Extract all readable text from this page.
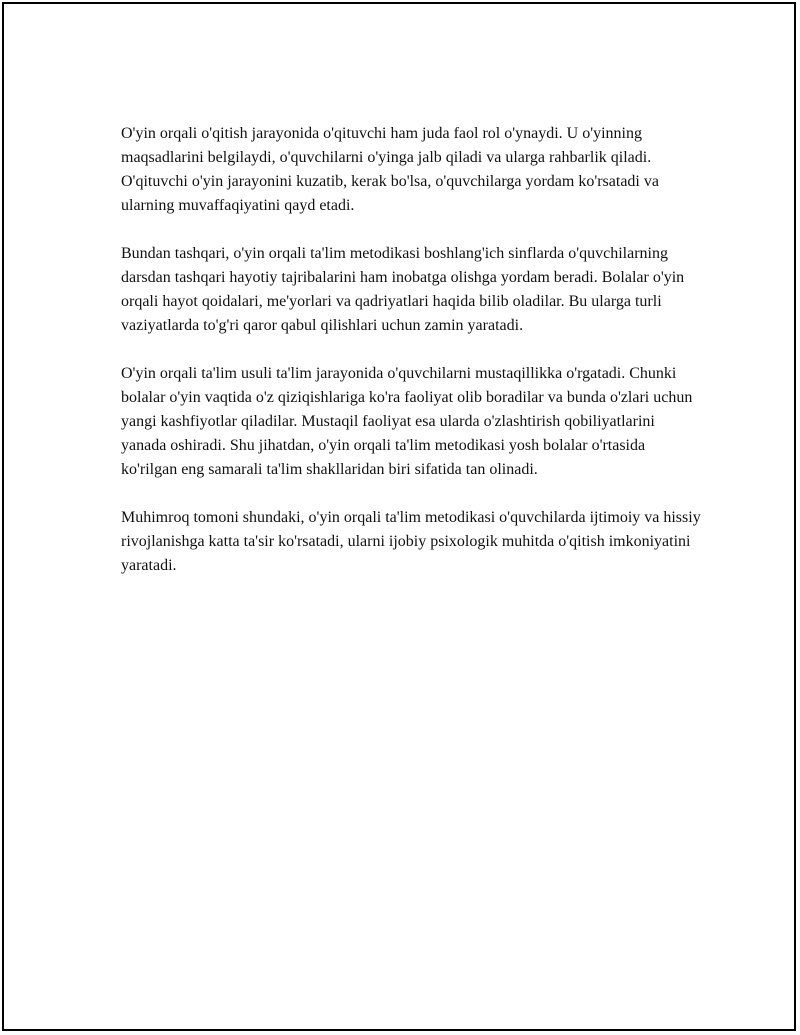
O'yin orqali o'qitish jarayonida o'qituvchi ham juda faol rol o'ynaydi. U o'yinning maqsadlarini belgilaydi, o'quvchilarni o'yinga jalb qiladi va ularga rahbarlik qiladi. O'qituvchi o'yin jarayonini kuzatib, kerak bo'lsa, o'quvchilarga yordam ko'rsatadi va ularning muvaffaqiyatini qayd etadi.

Bundan tashqari, o'yin orqali ta'lim metodikasi boshlang'ich sinflarda o'quvchilarning darsdan tashqari hayotiy tajribalarini ham inobatga olishga yordam beradi. Bolalar o'yin orqali hayot qoidalari, me'yorlari va qadriyatlari haqida bilib oladilar. Bu ularga turli vaziyatlarda to'g'ri qaror qabul qilishlari uchun zamin yaratadi.

O'yin orqali ta'lim usuli ta'lim jarayonida o'quvchilarni mustaqillikka o'rgatadi. Chunki bolalar o'yin vaqtida o'z qiziqishlariga ko'ra faoliyat olib boradilar va bunda o'zlari uchun yangi kashfiyotlar qiladilar. Mustaqil faoliyat esa ularda o'zlashtirish qobiliyatlarini yanada oshiradi. Shu jihatdan, o'yin orqali ta'lim metodikasi yosh bolalar o'rtasida ko'rilgan eng samarali ta'lim shakllaridan biri sifatida tan olinadi.

Muhimroq tomoni shundaki, o'yin orqali ta'lim metodikasi o'quvchilarda ijtimoiy va hissiy rivojlanishga katta ta'sir ko'rsatadi, ularni ijobiy psixologik muhitda o'qitish imkoniyatini yaratadi.
